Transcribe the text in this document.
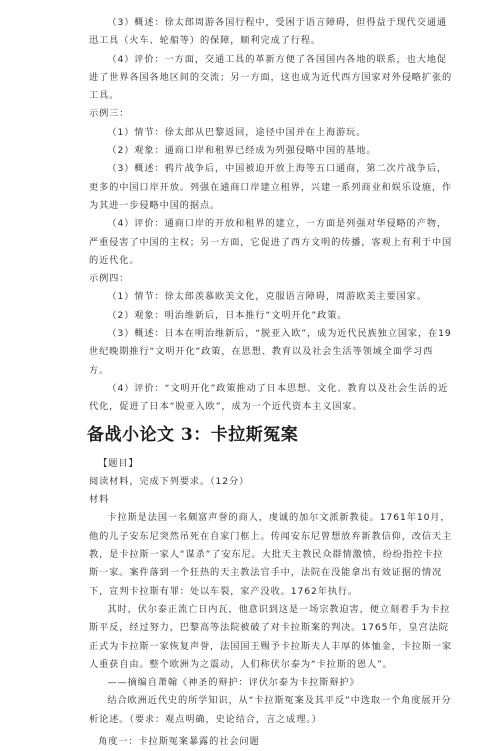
（3）概述：徐太郎周游各国行程中，受困于语言障碍，但得益于现代交通通迅工具（火车、轮船等）的保障，顺利完成了行程。

（4）评价：一方面，交通工具的革新方便了各国国内各地的联系，也大地促进了世界各国各地区间的交流；另一方面，这也成为近代西方国家对外侵略扩张的工具。

示例三：

（1）情节：徐太郎从巴黎返回，途径中国并在上海游玩。

（2）观象：通商口岸和租界已经成为列强侵略中国的基地。

（3）概述：鸦片战争后，中国被迫开放上海等五口通商，第二次片战争后，更多的中国口岸开放。列强在通商口岸建立租界，兴建一系列商业和娱乐设施，作为其进一步侵略中国的据点。

（4）评价：通商口岸的开放和租界的建立，一方面是列强对华侵略的产物，严重侵害了中国的主权；另一方面，它促进了西方文明的传播，客观上有利于中国的近代化。

示例四：

（1）情节：徐太郎羡慕欧美文化，克服语言障碍，周游欧美主要国家。

（2）观象：明治维新后，日本推行“文明开化”政策。

（3）概述：日本在明治维新后，“脱亚入欧”，成为近代民族独立国家，在19世纪晚期推行“文明开化”政策，在思想、教育以及社会生活等领域全面学习西方。

（4）评价：“文明开化”政策推动了日本思想、文化、教育以及社会生活的近代化，促进了日本“脱亚入欧”，成为一个近代资本主义国家。

备战小论文 3：卡拉斯冤案

【题目】

阅读材料，完成下列要求。（12分）

材料

卡拉斯是法国一名颇富声誉的商人，虔诚的加尔文派新教徒。1761年10月，他的儿子安东尼突然吊死在自家门框上。传闻安东尼曾想放弃新教信仰，改信天主教，是卡拉斯一家人“谋杀”了安东尼。大批天主教民众群情激愤，纷纷指控卡拉斯一家。案件落到一个狂热的天主教法官手中，法院在没能拿出有效证据的情况下，宣判卡拉斯有罪：处以车裂，家产没收。1762年执行。

其时，伏尔泰正流亡日内瓦，他意识到这是一场宗教迫害，便立刻着手为卡拉斯平反，经过努力，巴黎高等法院被破了对卡拉斯案的判决。1765年，皇宫法院正式为卡拉斯一家恢复声誉，法国国王赐予卡拉斯夫人丰厚的体恤金，卡拉斯一家人重获自由。整个欧洲为之震动，人们称伏尔泰为“卡拉斯的恩人”。

——摘编自萧翰《神圣的辩护：评伏尔泰为卡拉斯辩护》

结合欧洲近代史的所学知识，从“卡拉斯冤案及其平反”中选取一个角度展开分析论述。（要求：观点明确，史论结合，言之成理。）

角度一：卡拉斯冤案暴露的社会问题
